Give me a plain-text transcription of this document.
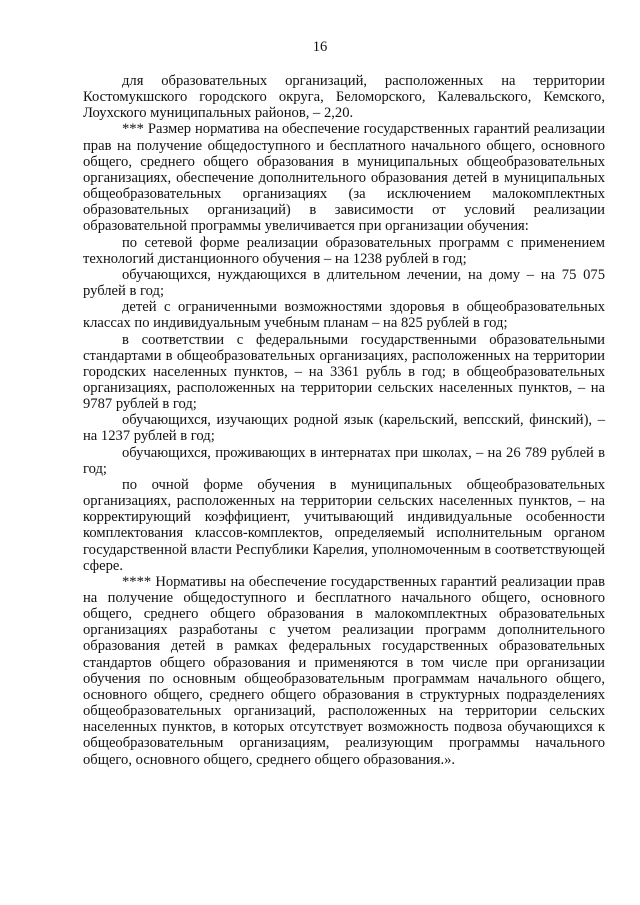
16

для образовательных организаций, расположенных на территории Костомукшского городского округа, Беломорского, Калевальского, Кемского, Лоухского муниципальных районов, – 2,20.

*** Размер норматива на обеспечение государственных гарантий реализации прав на получение общедоступного и бесплатного начального общего, основного общего, среднего общего образования в муниципальных общеобразовательных организациях, обеспечение дополнительного образования детей в муниципальных общеобразовательных организациях (за исключением малокомплектных образовательных организаций) в зависимости от условий реализации образовательной программы увеличивается при организации обучения:

по сетевой форме реализации образовательных программ с применением технологий дистанционного обучения – на 1238 рублей в год;

обучающихся, нуждающихся в длительном лечении, на дому – на 75 075 рублей в год;

детей с ограниченными возможностями здоровья в общеобразовательных классах по индивидуальным учебным планам – на 825 рублей в год;

в соответствии с федеральными государственными образовательными стандартами в общеобразовательных организациях, расположенных на территории городских населенных пунктов, – на 3361 рубль в год; в общеобразовательных организациях, расположенных на территории сельских населенных пунктов, – на 9787 рублей в год;

обучающихся, изучающих родной язык (карельский, вепсский, финский), – на 1237 рублей в год;

обучающихся, проживающих в интернатах при школах, – на 26 789 рублей в год;

по очной форме обучения в муниципальных общеобразовательных организациях, расположенных на территории сельских населенных пунктов, – на корректирующий коэффициент, учитывающий индивидуальные особенности комплектования классов-комплектов, определяемый исполнительным органом государственной власти Республики Карелия, уполномоченным в соответствующей сфере.

**** Нормативы на обеспечение государственных гарантий реализации прав на получение общедоступного и бесплатного начального общего, основного общего, среднего общего образования в малокомплектных образовательных организациях разработаны с учетом реализации программ дополнительного образования детей в рамках федеральных государственных образовательных стандартов общего образования и применяются в том числе при организации обучения по основным общеобразовательным программам начального общего, основного общего, среднего общего образования в структурных подразделениях общеобразовательных организаций, расположенных на территории сельских населенных пунктов, в которых отсутствует возможность подвоза обучающихся к общеобразовательным организациям, реализующим программы начального общего, основного общего, среднего общего образования.».
